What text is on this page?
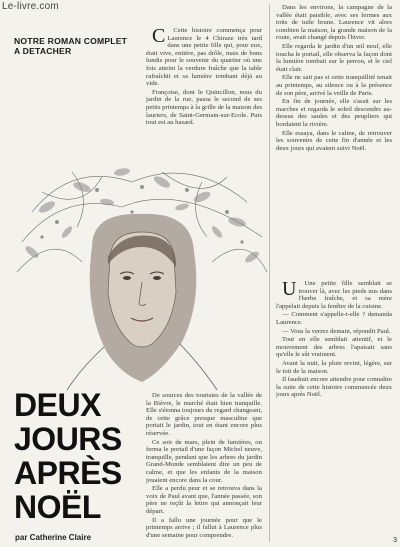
Le-livre.com
NOTRE ROMAN COMPLET
A DETACHER

C Cette histoire commença pour Laurence le 4 Chiraze très tard dans une petite fille qui, pour eux, était vive, entière, pas drôle, mais de bons lundis pour le souvenir du quartier où une fois atteint la verdure fraîche que la table rafraîchit et sa lumière tombant déjà au vide.

Françoise, dont le Quincillon, nous du jardin de la rue, passa le second de ses petits printemps à la grille de la maison des lauriers, de Saint-Germain-sur-Ecole. Puis tout est au hasard.

DEUX
JOURS
APRÈS
NOËL
par Catherine Claire

De sources des touristes de la vallée de la Bièvre, le marché était bien tranquille. Elle s'étonna toujours du regard changeant, de cette grâce presque masculine que portait le jardin, tout en étant encore plus réservée.

Ce soir de mars, plein de lumières, on ferma le portail d'une façon Michel neuve, tranquille, pendant que les arbres du jardin Grand-Monde semblaient dire un peu de calme, et que les enfants de la maison jouaient encore dans la cour.

Elle a perdu peur et se retrouva dans la voix de Paul avant que, l'année passée, son père ne reçût la lettre qui annonçait leur départ.

Il a fallu une journée pour que le printemps arrive ; il fallut à Laurence plus d'une semaine pour comprendre.

Dans les environs, la campagne de la vallée était paisible, avec ses fermes aux toits de tuile brune. Laurence vit alors combien la maison, la grande maison de la route, avait changé depuis l'hiver.

Elle regarda le jardin d'un œil neuf, elle toucha le portail, elle observa la façon dont la lumière tombait sur le perron, et le ciel était clair.

Elle ne sait pas si cette tranquillité tenait au printemps, au silence ou à la présence de son père, arrivé la veille de Paris.

En fin de journée, elle s'assit sur les marches et regarda le soleil descendre au-dessus des saules et des peupliers qui bordaient la rivière.

Elle essaya, dans le calme, de retrouver les souvenirs de cette fin d'année et les deux jours qui avaient suivi Noël.

U Une petite fille semblait se trouver là, avec les pieds nus dans l'herbe fraîche, et sa mère l'appelait depuis la fenêtre de la cuisine.

— Comment s'appelle-t-elle ? demanda Laurence.

— Vous la verrez demain, répondit Paul.

Tout en elle semblait attentif, et le mouvement des arbres l'apaisait sans qu'elle le sût vraiment.

Avant la nuit, la pluie revint, légère, sur le toit de la maison.

Il faudrait encore attendre pour connaître la suite de cette histoire commencée deux jours après Noël.

3
